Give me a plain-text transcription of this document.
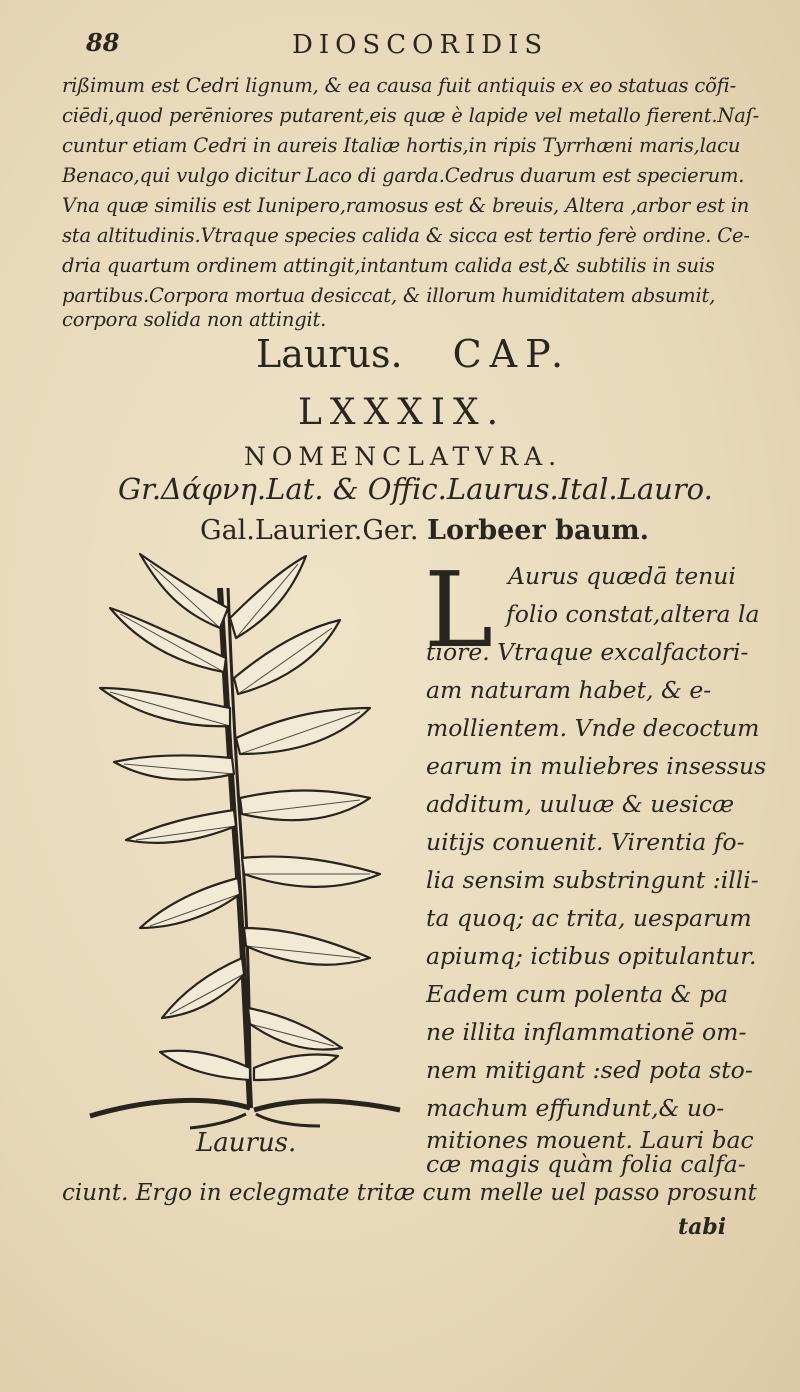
88	DIOSCORIDIS
rißimum est Cedri lignum, & ea causa fuit antiquis ex eo statuas cõfi-
ciēdi,quod perēniores putarent,eis quæ è lapide vel metallo fierent.Naſ-
cuntur etiam Cedri in aureis Italiæ hortis,in ripis Tyrrhæni maris,lacu
Benaco,qui vulgo dicitur Laco di garda.Cedrus duarum est specierum.
Vna quæ similis est Iunipero,ramosus est & breuis, Altera ,arbor est in
sta altitudinis.Vtraque species calida & sicca est tertio ferè ordine. Ce-
dria quartum ordinem attingit,intantum calida est,& subtilis in suis
partibus.Corpora mortua desiccat, & illorum humiditatem absumit,
corpora solida non attingit.
Laurus. CAP.
LXXXIX.
NOMENCLATVRA.
Gr.Δάφνη.Lat. & Offic.Laurus.Ital.Lauro.
Gal.Laurier.Ger. Lorbeer baum.
Laurus.
L Aurus quædā tenui
folio constat,altera la
tiore. Vtraque excalfactori-
am naturam habet, & e-
mollientem. Vnde decoctum
earum in muliebres insessus
additum, uuluæ & uesicæ
uitijs conuenit. Virentia fo-
lia sensim substringunt :illi-
ta quoq; ac trita, uesparum
apiumq; ictibus opitulantur.
Eadem cum polenta & pa
ne illita inflammationē om-
nem mitigant :sed pota sto-
machum effundunt,& uo-
mitiones mouent. Lauri bac
cæ magis quàm folia calfa-
ciunt. Ergo in eclegmate tritæ cum melle uel passo prosunt
tabi
